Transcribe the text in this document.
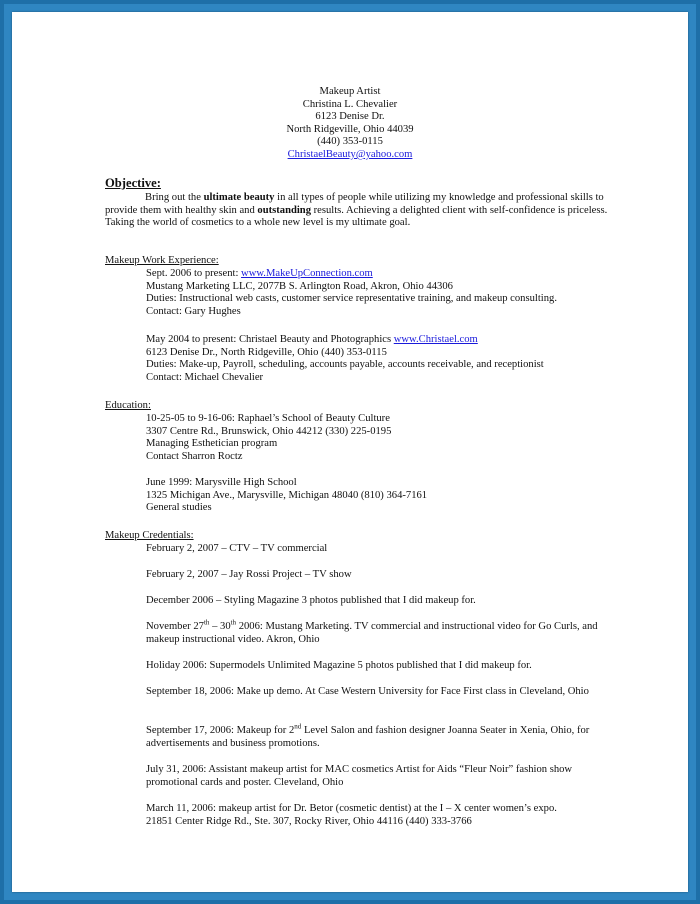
Makeup Artist
Christina L. Chevalier
6123 Denise Dr.
North Ridgeville, Ohio 44039
(440) 353-0115
ChristaelBeauty@yahoo.com
Objective:
Bring out the ultimate beauty in all types of people while utilizing my knowledge and professional skills to provide them with healthy skin and outstanding results. Achieving a delighted client with self-confidence is priceless. Taking the world of cosmetics to a whole new level is my ultimate goal.
Makeup Work Experience:
Sept. 2006 to present: www.MakeUpConnection.com
Mustang Marketing LLC, 2077B S. Arlington Road, Akron, Ohio 44306
Duties: Instructional web casts, customer service representative training, and makeup consulting.
Contact: Gary Hughes
May 2004 to present: Christael Beauty and Photographics www.Christael.com
6123 Denise Dr., North Ridgeville, Ohio (440) 353-0115
Duties: Make-up, Payroll, scheduling, accounts payable, accounts receivable, and receptionist
Contact: Michael Chevalier
Education:
10-25-05 to 9-16-06: Raphael’s School of Beauty Culture
3307 Centre Rd., Brunswick, Ohio 44212 (330) 225-0195
Managing Esthetician program
Contact Sharron Roctz
June 1999: Marysville High School
1325 Michigan Ave., Marysville, Michigan 48040 (810) 364-7161
General studies
Makeup Credentials:
February 2, 2007 – CTV – TV commercial
February 2, 2007 – Jay Rossi Project – TV show
December 2006 – Styling Magazine 3 photos published that I did makeup for.
November 27th – 30th 2006: Mustang Marketing. TV commercial and instructional video for Go Curls, and makeup instructional video. Akron, Ohio
Holiday 2006: Supermodels Unlimited Magazine 5 photos published that I did makeup for.
September 18, 2006: Make up demo. At Case Western University for Face First class in Cleveland, Ohio
September 17, 2006: Makeup for 2nd Level Salon and fashion designer Joanna Seater in Xenia, Ohio, for advertisements and business promotions.
July 31, 2006: Assistant makeup artist for MAC cosmetics Artist for Aids “Fleur Noir” fashion show promotional cards and poster. Cleveland, Ohio
March 11, 2006: makeup artist for Dr. Betor (cosmetic dentist) at the I – X center women’s expo.
21851 Center Ridge Rd., Ste. 307, Rocky River, Ohio 44116 (440) 333-3766
